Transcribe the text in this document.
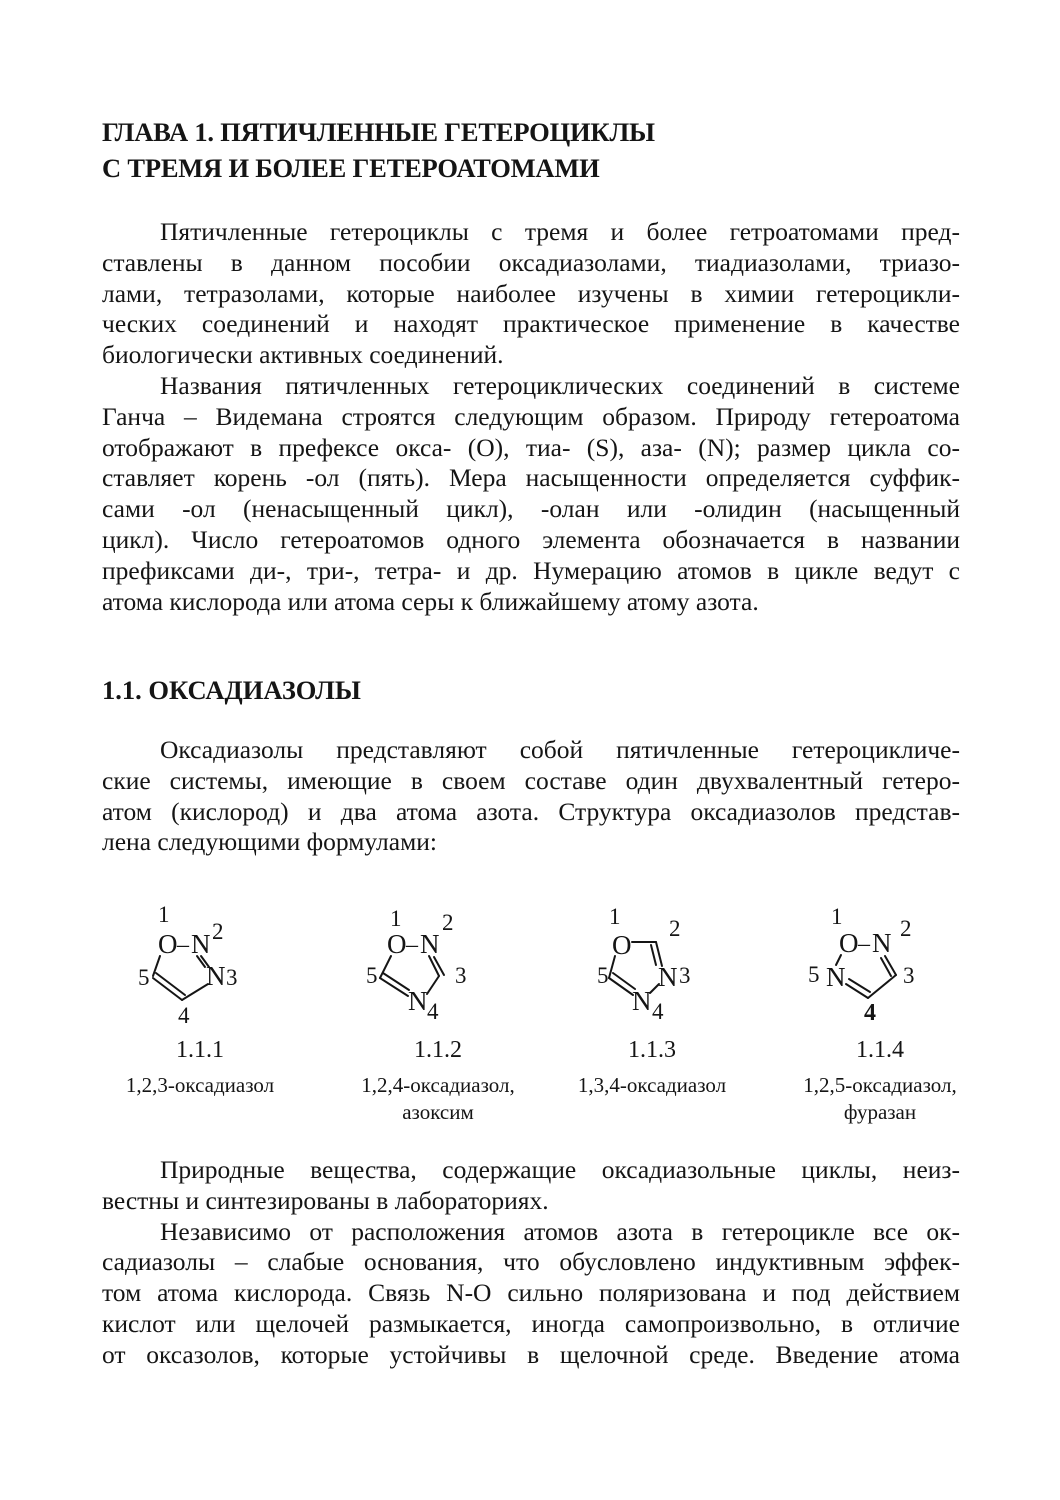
ГЛАВА 1. ПЯТИЧЛЕННЫЕ ГЕТЕРОЦИКЛЫ
С ТРЕМЯ И БОЛЕЕ ГЕТЕРОАТОМАМИ
Пятичленные гетероциклы с тремя и более гетроатомами пред-
ставлены в данном пособии оксадиазолами, тиадиазолами, триазо-
лами, тетразолами, которые наиболее изучены в химии гетероцикли-
ческих соединений и находят практическое применение в качестве
биологически активных соединений.
Названия пятичленных гетероциклических соединений в системе
Ганча – Видемана строятся следующим образом. Природу гетероатома
отображают в префексе окса- (O), тиа- (S), аза- (N); размер цикла со-
ставляет корень -ол (пять). Мера насыщенности определяется суффик-
сами -ол (ненасыщенный цикл), -олан или -олидин (насыщенный
цикл). Число гетероатомов одного элемента обозначается в названии
префиксами ди-, три-, тетра- и др. Нумерацию атомов в цикле ведут с
атома кислорода или атома серы к ближайшему атому азота.
1.1. ОКСАДИАЗОЛЫ
Оксадиазолы представляют собой пятичленные гетероцикличе-
ские системы, имеющие в своем составе один двухвалентный гетеро-
атом (кислород) и два атома азота. Структура оксадиазолов представ-
лена следующими формулами:
1
O – N 2
N 3
5
4
1.1.1
1,2,3-оксадиазол
1
O – N
2
3
5
N 4
1.1.2
1,2,4-оксадиазол,
азоксим
1
O
2
N 3
5
N 4
1.1.3
1,3,4-оксадиазол
1
O – N 2
3
5 N
4
1.1.4
1,2,5-оксадиазол,
фуразан
Природные вещества, содержащие оксадиазольные циклы, неиз-
вестны и синтезированы в лабораториях.
Независимо от расположения атомов азота в гетероцикле все ок-
садиазолы – слабые основания, что обусловлено индуктивным эффек-
том атома кислорода. Связь N-O сильно поляризована и под действием
кислот или щелочей размыкается, иногда самопроизвольно, в отличие
от оксазолов, которые устойчивы в щелочной среде. Введение атома
